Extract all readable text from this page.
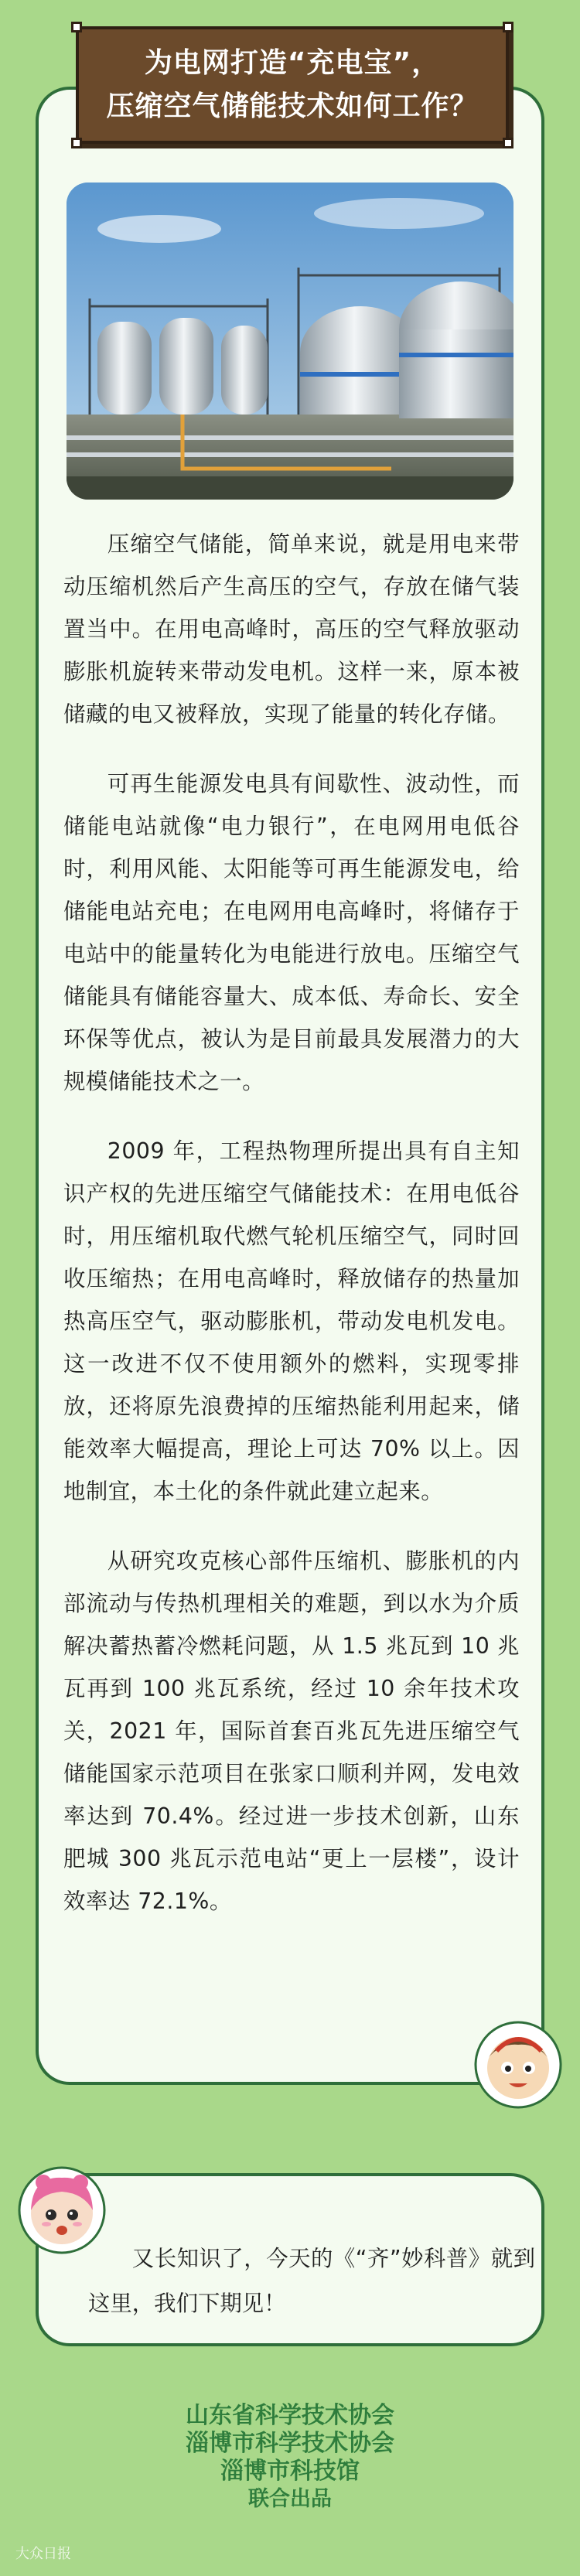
为电网打造“充电宝”，
压缩空气储能技术如何工作？

压缩空气储能，简单来说，就是用电来带动压缩机然后产生高压的空气，存放在储气装置当中。在用电高峰时，高压的空气释放驱动膨胀机旋转来带动发电机。这样一来，原本被储藏的电又被释放，实现了能量的转化存储。

可再生能源发电具有间歇性、波动性，而储能电站就像“电力银行”，在电网用电低谷时，利用风能、太阳能等可再生能源发电，给储能电站充电；在电网用电高峰时，将储存于电站中的能量转化为电能进行放电。压缩空气储能具有储能容量大、成本低、寿命长、安全环保等优点，被认为是目前最具发展潜力的大规模储能技术之一。

2009 年，工程热物理所提出具有自主知识产权的先进压缩空气储能技术：在用电低谷时，用压缩机取代燃气轮机压缩空气，同时回收压缩热；在用电高峰时，释放储存的热量加热高压空气，驱动膨胀机，带动发电机发电。这一改进不仅不使用额外的燃料，实现零排放，还将原先浪费掉的压缩热能利用起来，储能效率大幅提高，理论上可达 70% 以上。因地制宜，本土化的条件就此建立起来。

从研究攻克核心部件压缩机、膨胀机的内部流动与传热机理相关的难题，到以水为介质解决蓄热蓄冷燃耗问题，从 1.5 兆瓦到 10 兆瓦再到 100 兆瓦系统，经过 10 余年技术攻关，2021 年，国际首套百兆瓦先进压缩空气储能国家示范项目在张家口顺利并网，发电效率达到 70.4%。经过进一步技术创新，山东肥城 300 兆瓦示范电站“更上一层楼”，设计效率达 72.1%。

又长知识了，今天的《“齐”妙科普》就到这里，我们下期见！

山东省科学技术协会
淄博市科学技术协会
淄博市科技馆
联合出品
大众日报
